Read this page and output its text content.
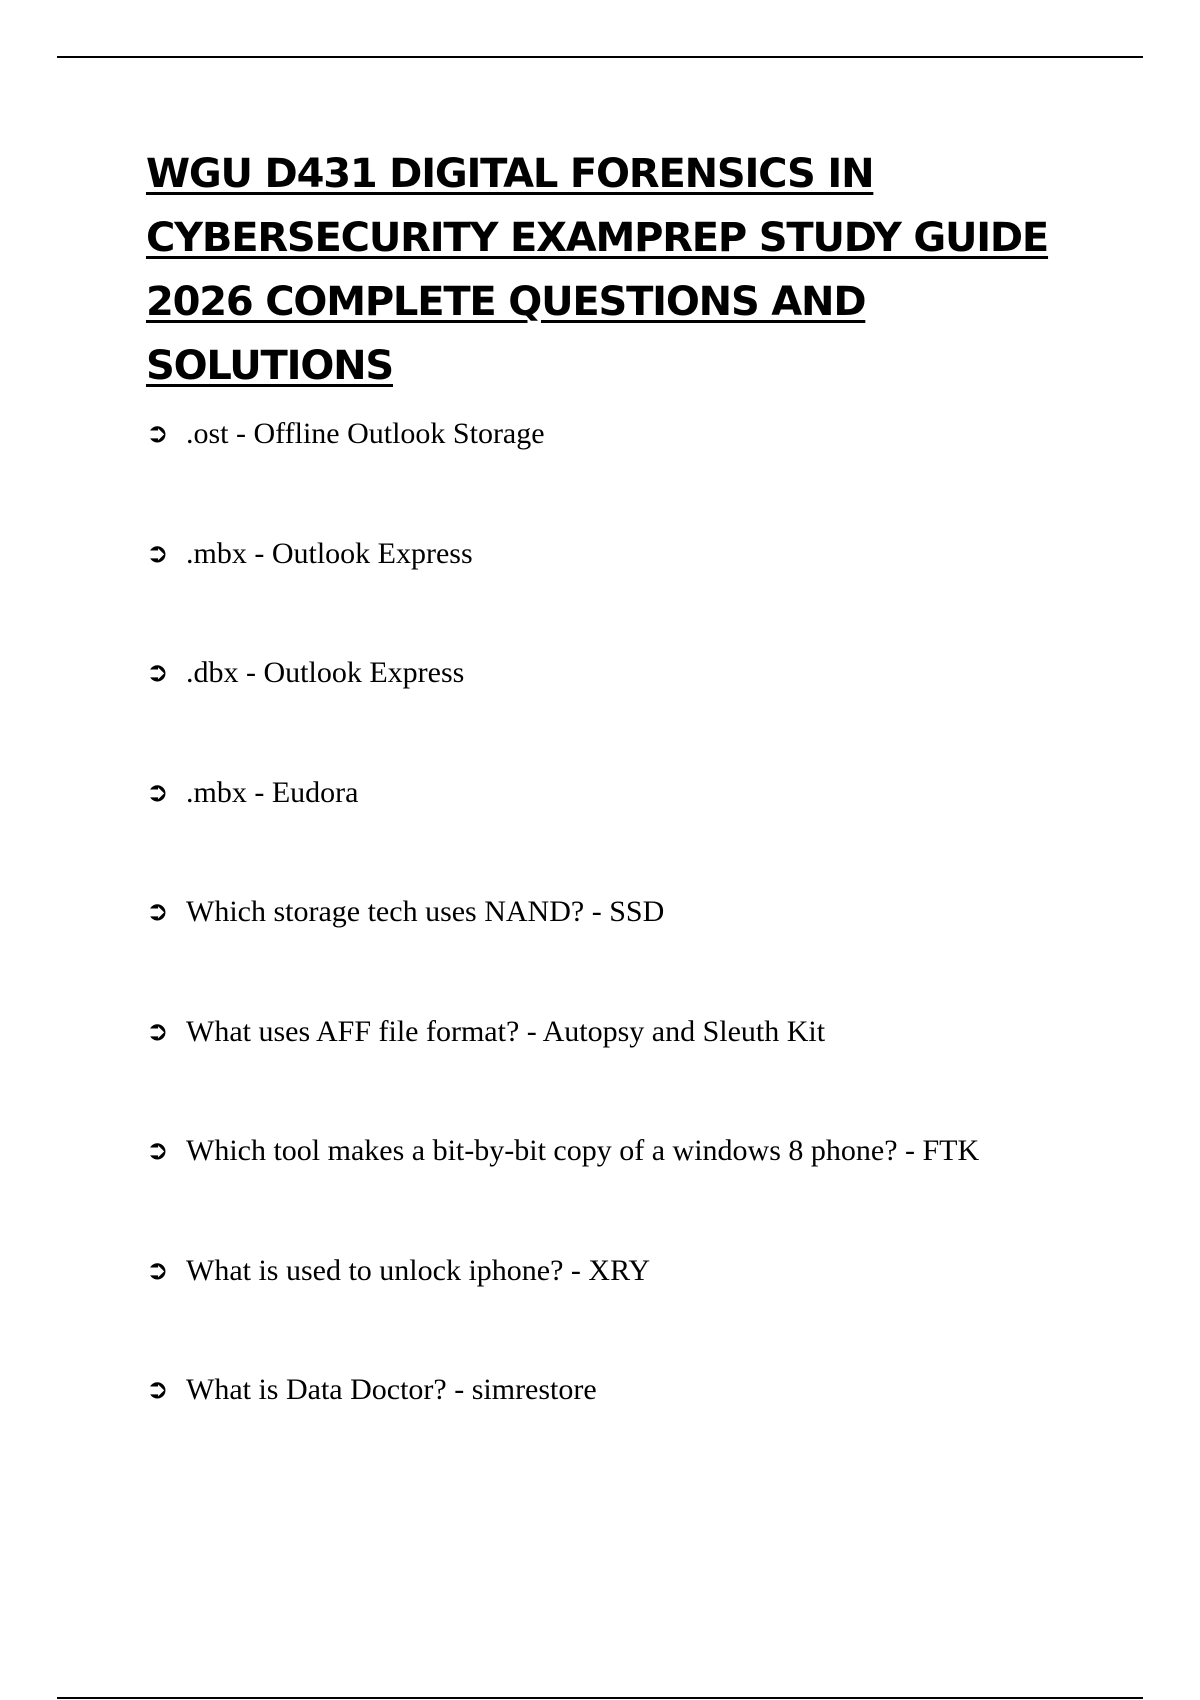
WGU D431 DIGITAL FORENSICS IN CYBERSECURITY EXAMPREP STUDY GUIDE 2026 COMPLETE QUESTIONS AND SOLUTIONS
➲ .ost - Offline Outlook Storage
➲ .mbx - Outlook Express
➲ .dbx - Outlook Express
➲ .mbx - Eudora
➲ Which storage tech uses NAND? - SSD
➲ What uses AFF file format? - Autopsy and Sleuth Kit
➲ Which tool makes a bit-by-bit copy of a windows 8 phone? - FTK
➲ What is used to unlock iphone? - XRY
➲ What is Data Doctor? - simrestore
